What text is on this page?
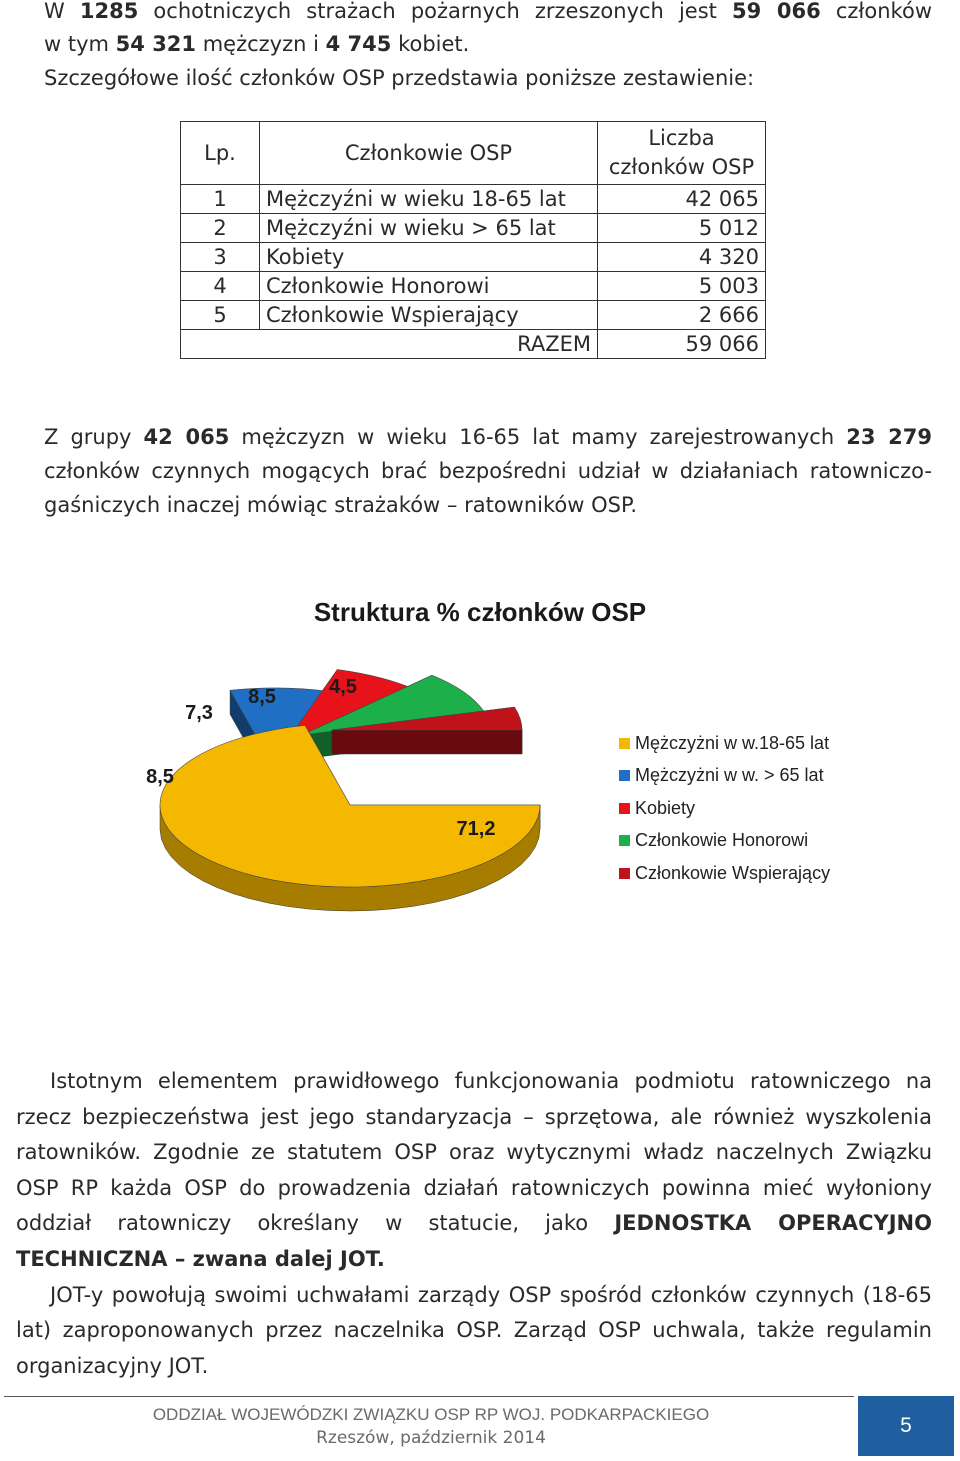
W 1285 ochotniczych strażach pożarnych zrzeszonych jest 59 066 członków
w tym 54 321 mężczyzn i 4 745 kobiet.
Szczegółowe ilość członków OSP przedstawia poniższe zestawienie:
Lp.	Członkowie OSP	Liczba członków OSP
1	Mężczyźni w wieku 18-65 lat	42 065
2	Mężczyźni w wieku > 65 lat	5 012
3	Kobiety	4 320
4	Członkowie Honorowi	5 003
5	Członkowie Wspierający	2 666
RAZEM		59 066
Z grupy 42 065 mężczyzn w wieku 16-65 lat mamy zarejestrowanych 23 279 członków czynnych mogących brać bezpośredni udział w działaniach ratowniczo-gaśniczych inaczej mówiąc strażaków – ratowników OSP.
Struktura % członków OSP
71,2
8,5
7,3
8,5	4,5
Mężczyżni w w.18-65 lat
Mężczyżni w w. > 65 lat
Kobiety
Członkowie Honorowi
Członkowie Wspierający

Istotnym elementem prawidłowego funkcjonowania podmiotu ratowniczego na rzecz bezpieczeństwa jest jego standaryzacja – sprzętowa, ale również wyszkolenia ratowników. Zgodnie ze statutem OSP oraz wytycznymi władz naczelnych Związku OSP RP każda OSP do prowadzenia działań ratowniczych powinna mieć wyłoniony oddział ratowniczy określany w statucie, jako JEDNOSTKA OPERACYJNO TECHNICZNA – zwana dalej JOT.

JOT-y powołują swoimi uchwałami zarządy OSP spośród członków czynnych (18-65 lat) zaproponowanych przez naczelnika OSP. Zarząd OSP uchwala, także regulamin organizacyjny JOT.

ODDZIAŁ WOJEWÓDZKI ZWIĄZKU OSP RP WOJ. PODKARPACKIEGO
Rzeszów, październik 2014
5
